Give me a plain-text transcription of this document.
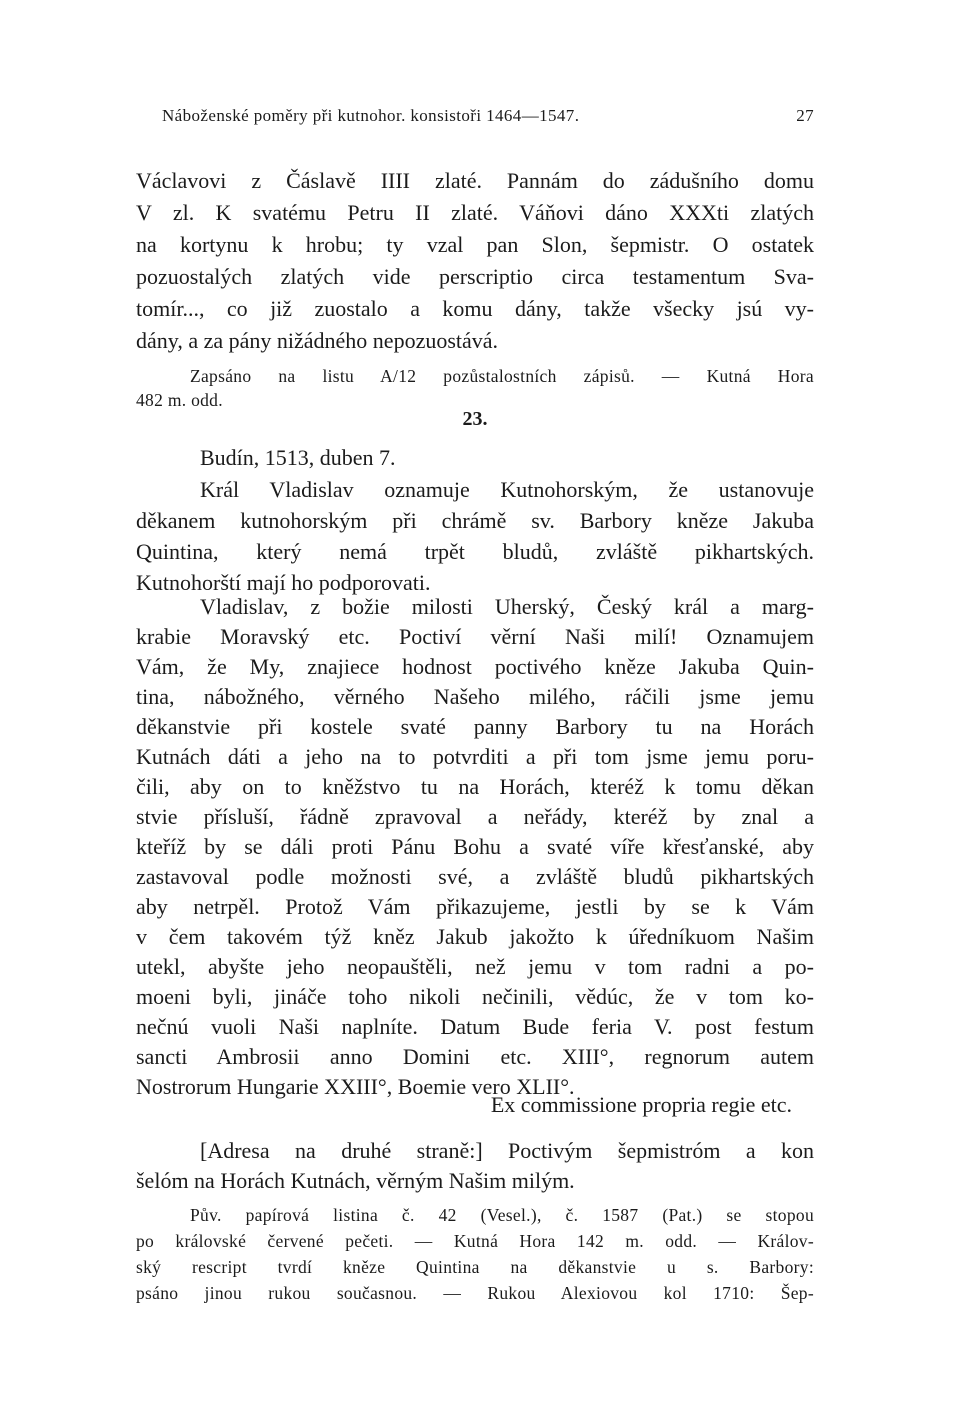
Náboženské poměry při kutnohor. konsistoři 1464—1547.	27
Václavovi z Čáslavě IIII zlaté. Pannám do zádušního domu
V zl. K svatému Petru II zlaté. Váňovi dáno XXXti zlatých
na kortynu k hrobu; ty vzal pan Slon, šepmistr. O ostatek
pozuostalých zlatých vide perscriptio circa testamentum Sva-
tomír..., co již zuostalo a komu dány, takže všecky jsú vy-
dány, a za pány nižádného nepozuostává.
Zapsáno na listu A/12 pozůstalostních zápisů. — Kutná Hora
482 m. odd.
23.
Budín, 1513, duben 7.
Král Vladislav oznamuje Kutnohorským, že ustanovuje
děkanem kutnohorským při chrámě sv. Barbory kněze Jakuba
Quintina, který nemá trpět bludů, zvláště pikhartských.
Kutnohorští mají ho podporovati.
Vladislav, z božie milosti Uherský, Český král a marg-
krabie Moravský etc. Poctiví věrní Naši milí! Oznamujem
Vám, že My, znajiece hodnost poctivého kněze Jakuba Quin-
tina, nábožného, věrného Našeho milého, ráčili jsme jemu
děkanstvie při kostele svaté panny Barbory tu na Horách
Kutnách dáti a jeho na to potvrditi a při tom jsme jemu poru-
čili, aby on to kněžstvo tu na Horách, kteréž k tomu děkan
stvie přísluší, řádně zpravoval a neřády, kteréž by znal a
kteříž by se dáli proti Pánu Bohu a svaté víře křesťanské, aby
zastavoval podle možnosti své, a zvláště bludů pikhartských
aby netrpěl. Protož Vám přikazujeme, jestli by se k Vám
v čem takovém týž kněz Jakub jakožto k úředníkuom Našim
utekl, abyšte jeho neopauštěli, než jemu v tom radni a po-
moeni byli, jináče toho nikoli nečinili, vědúc, že v tom ko-
nečnú vuoli Naši naplníte. Datum Bude feria V. post festum
sancti Ambrosii anno Domini etc. XIII°, regnorum autem
Nostrorum Hungarie XXIII°, Boemie vero XLII°.
Ex commissione propria regie etc.
[Adresa na druhé straně:] Poctivým šepmistróm a kon
šelóm na Horách Kutnách, věrným Našim milým.
Pův. papírová listina č. 42 (Vesel.), č. 1587 (Pat.) se stopou
po královské červené pečeti. — Kutná Hora 142 m. odd. — Králov-
ský rescript tvrdí kněze Quintina na děkanstvie u s. Barbory:
psáno jinou rukou současnou. — Rukou Alexiovou kol 1710: Šep-
